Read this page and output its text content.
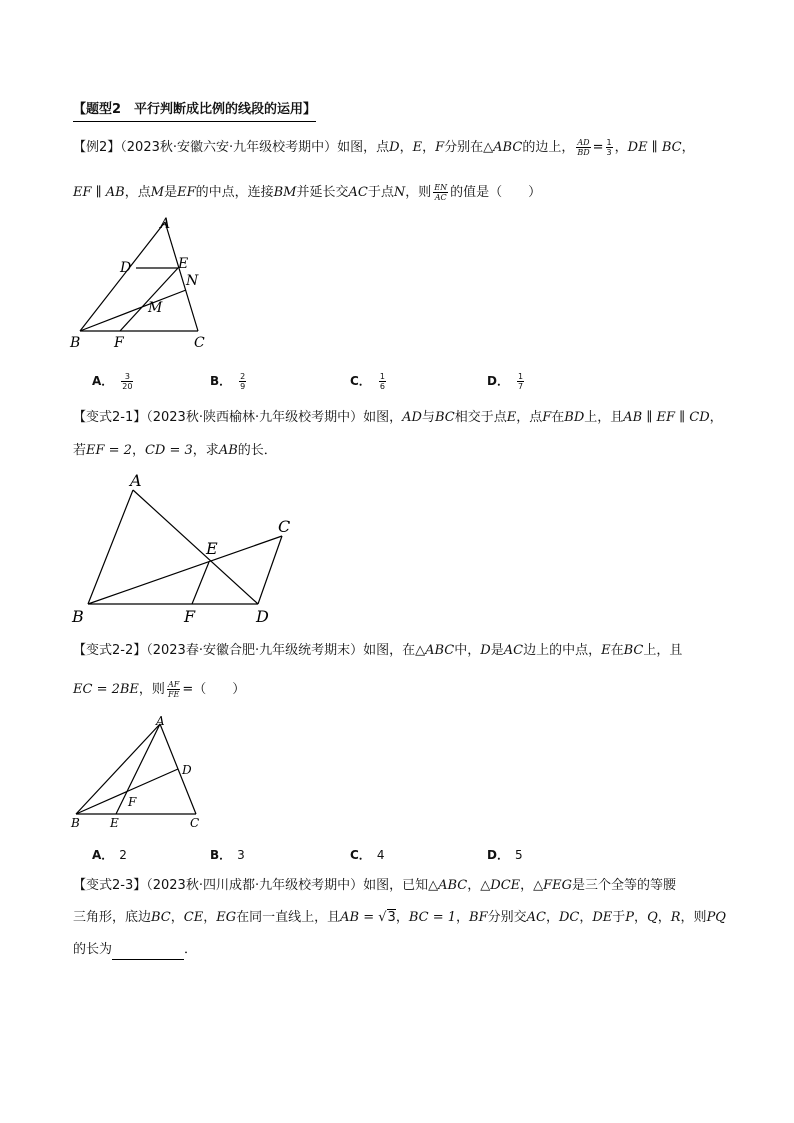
【题型2　平行判断成比例的线段的运用】
【例2】（2023秋·安徽六安·九年级校考期中）如图，点D，E，F分别在△ABC的边上， $\frac{AD}{BD} = \frac{1}{3}$ ，DE ∥ BC，
EF ∥ AB，点M是EF的中点，连接BM并延长交AC于点N，则 $\frac{EN}{AC}$ 的值是（　　）
A
D	E
N
M
B F	C
A． $\frac{3}{20}$	B． $\frac{2}{9}$	C． $\frac{1}{6}$	D． $\frac{1}{7}$
【变式2-1】（2023秋·陕西榆林·九年级校考期中）如图，AD与BC相交于点E，点F在BD上，且AB ∥ EF ∥ CD，
若EF = 2，CD = 3，求AB的长．
A
E
C
B	F	D
【变式2-2】（2023春·安徽合肥·九年级统考期末）如图，在△ABC中，D是AC边上的中点，E在BC上，且
EC = 2BE，则 $\frac{AF}{FE}$ =（　　）
A
D
F
B	E	C
A． 2	B． 3	C． 4	D． 5
【变式2-3】（2023秋·四川成都·九年级校考期中）如图，已知△ABC，△DCE，△FEG是三个全等的等腰
三角形，底边BC，CE，EG在同一直线上，且AB = √3，BC = 1，BF分别交AC，DC，DE于P，Q，R，则PQ
的长为	．
